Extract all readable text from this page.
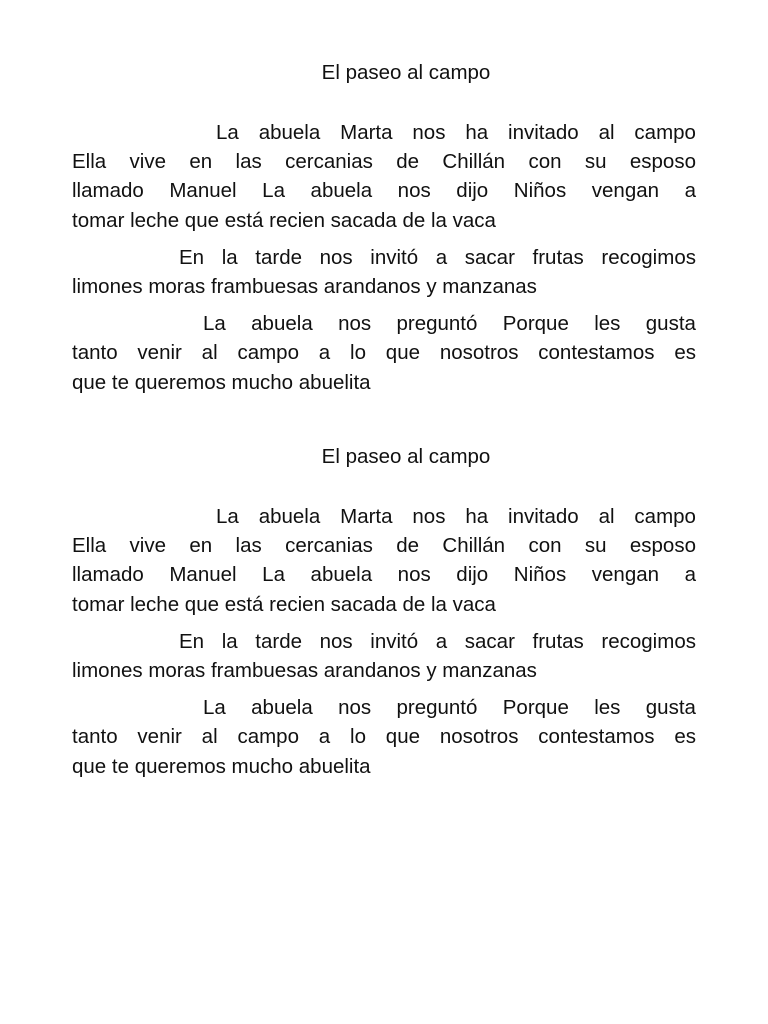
El paseo al campo
La abuela Marta nos ha invitado al campo
Ella vive en las cercanias de Chillán con su esposo
llamado Manuel La abuela nos dijo Niños vengan a
tomar leche que está recien sacada de la vaca
En la tarde nos invitó a sacar frutas recogimos
limones moras frambuesas arandanos y manzanas
La abuela nos preguntó Porque les gusta
tanto venir al campo a lo que nosotros contestamos es
que te queremos mucho abuelita
El paseo al campo
La abuela Marta nos ha invitado al campo
Ella vive en las cercanias de Chillán con su esposo
llamado Manuel La abuela nos dijo Niños vengan a
tomar leche que está recien sacada de la vaca
En la tarde nos invitó a sacar frutas recogimos
limones moras frambuesas arandanos y manzanas
La abuela nos preguntó Porque les gusta
tanto venir al campo a lo que nosotros contestamos es
que te queremos mucho abuelita
